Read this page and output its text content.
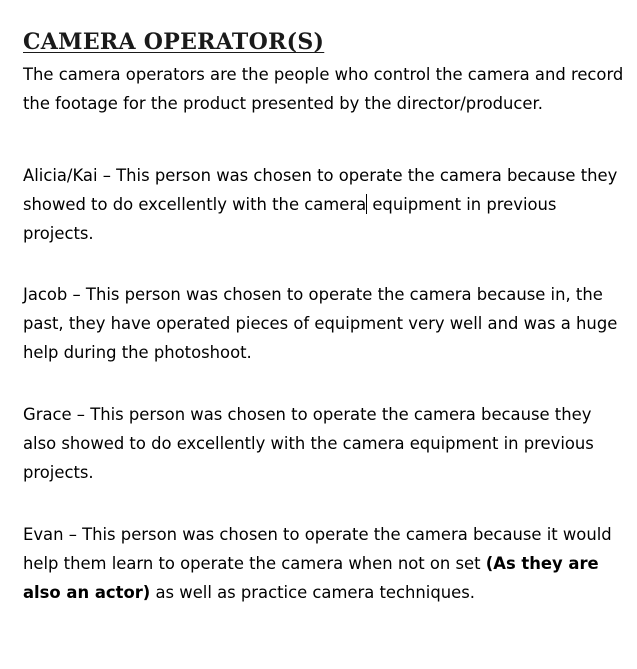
CAMERA OPERATOR(S)

The camera operators are the people who control the camera and record the footage for the product presented by the director/producer.

Alicia/Kai – This person was chosen to operate the camera because they showed to do excellently with the camera equipment in previous projects.

Jacob – This person was chosen to operate the camera because in, the past, they have operated pieces of equipment very well and was a huge help during the photoshoot.

Grace – This person was chosen to operate the camera because they also showed to do excellently with the camera equipment in previous projects.

Evan – This person was chosen to operate the camera because it would help them learn to operate the camera when not on set (As they are also an actor) as well as practice camera techniques.
